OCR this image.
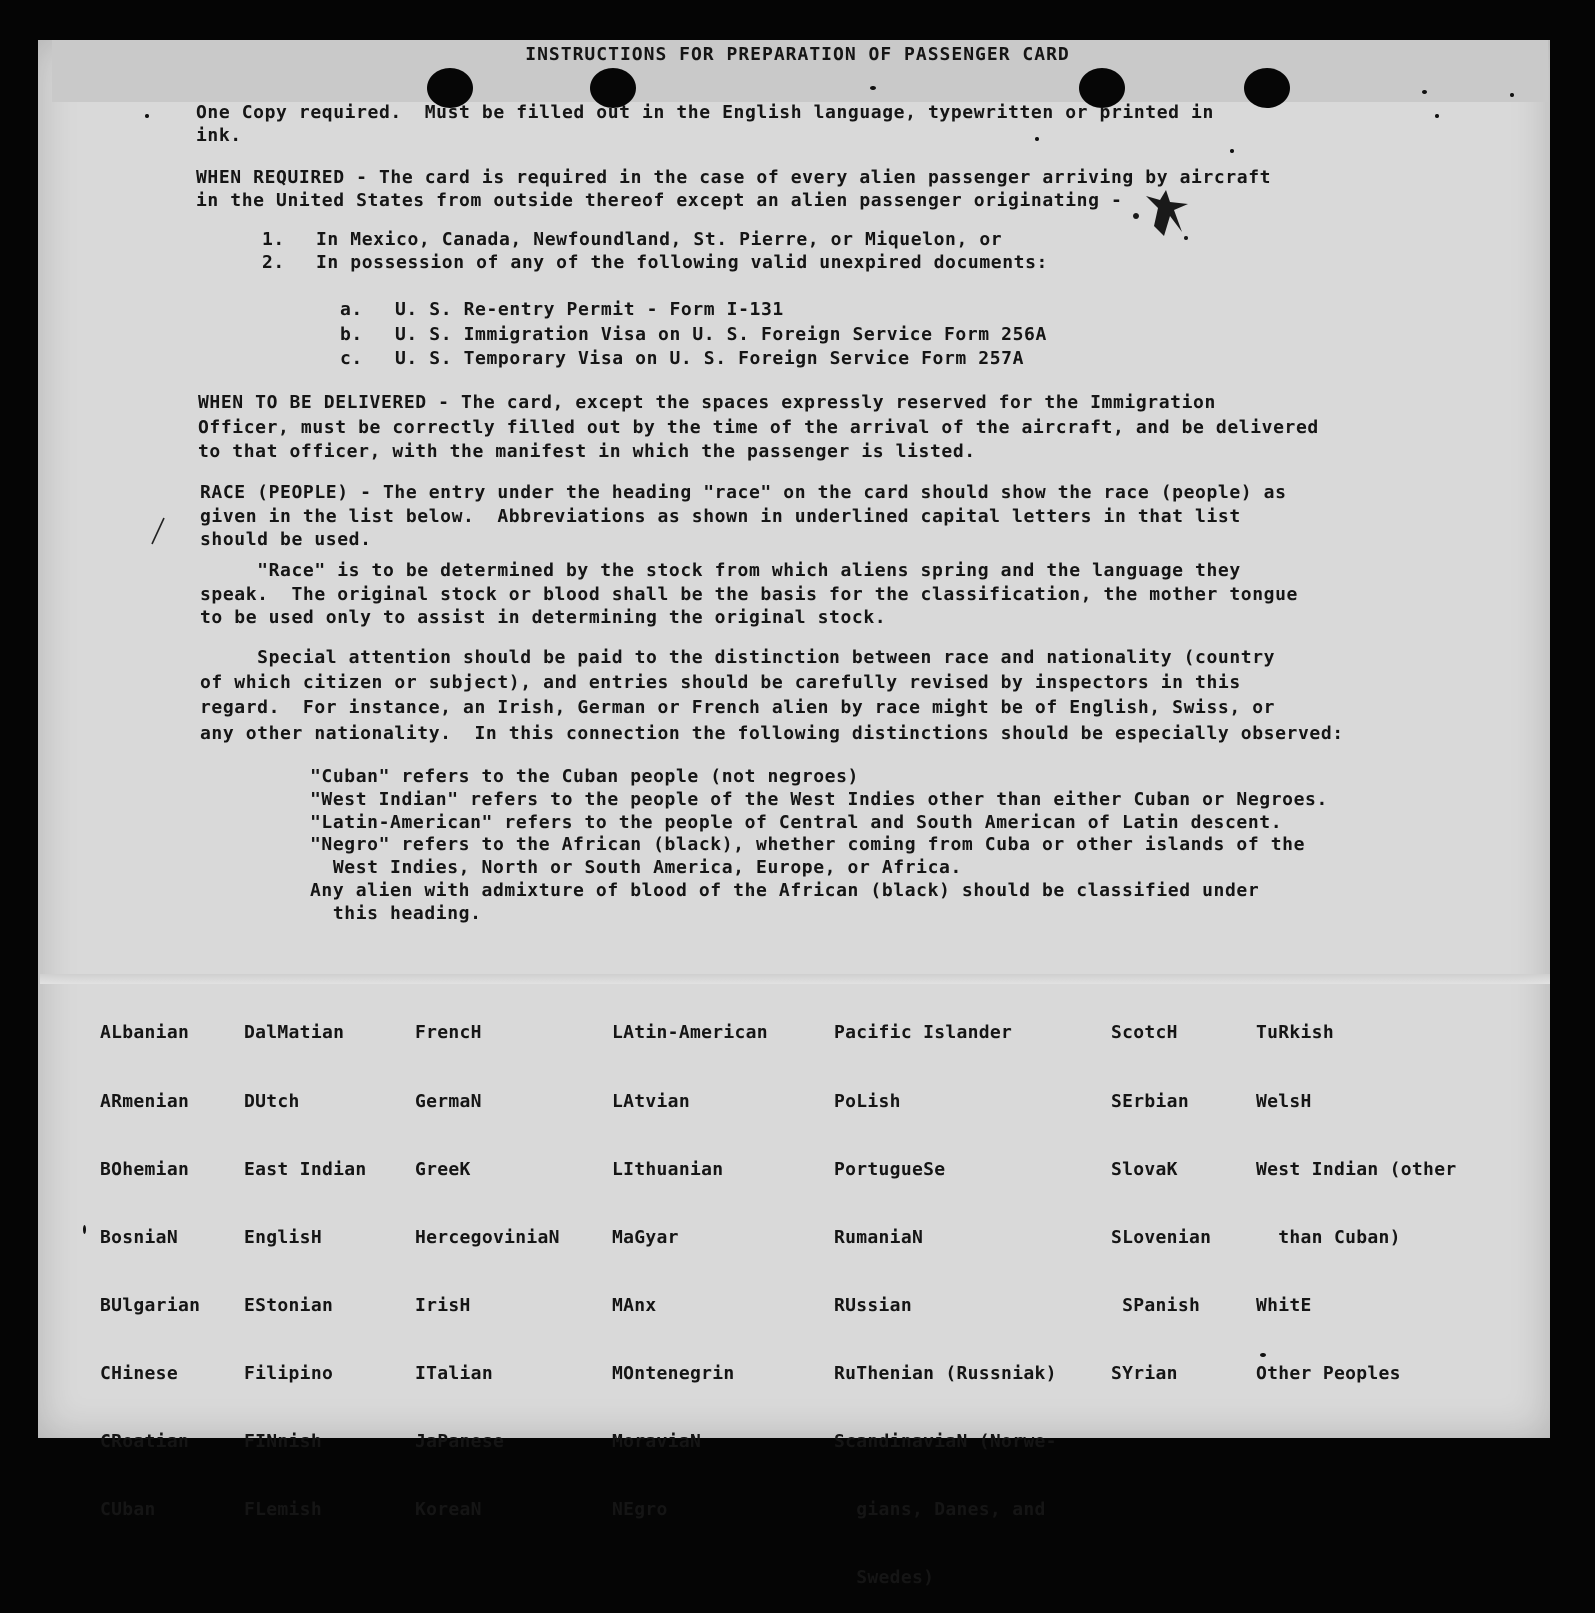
INSTRUCTIONS FOR PREPARATION OF PASSENGER CARD
One Copy required.  Must be filled out in the English language, typewritten or printed in
ink.
WHEN REQUIRED - The card is required in the case of every alien passenger arriving by aircraft
in the United States from outside thereof except an alien passenger originating -
1. In Mexico, Canada, Newfoundland, St. Pierre, or Miquelon, or
2. In possession of any of the following valid unexpired documents:
a. U. S. Re-entry Permit - Form I-131
b. U. S. Immigration Visa on U. S. Foreign Service Form 256A
c. U. S. Temporary Visa on U. S. Foreign Service Form 257A
WHEN TO BE DELIVERED - The card, except the spaces expressly reserved for the Immigration
Officer, must be correctly filled out by the time of the arrival of the aircraft, and be delivered
to that officer, with the manifest in which the passenger is listed.
RACE (PEOPLE) - The entry under the heading "race" on the card should show the race (people) as
given in the list below.  Abbreviations as shown in underlined capital letters in that list
should be used.
"Race" is to be determined by the stock from which aliens spring and the language they
speak.  The original stock or blood shall be the basis for the classification, the mother tongue
to be used only to assist in determining the original stock.
Special attention should be paid to the distinction between race and nationality (country
of which citizen or subject), and entries should be carefully revised by inspectors in this
regard.  For instance, an Irish, German or French alien by race might be of English, Swiss, or
any other nationality.  In this connection the following distinctions should be especially observed:
"Cuban" refers to the Cuban people (not negroes)
"West Indian" refers to the people of the West Indies other than either Cuban or Negroes.
"Latin-American" refers to the people of Central and South American of Latin descent.
"Negro" refers to the African (black), whether coming from Cuba or other islands of the
West Indies, North or South America, Europe, or Africa.
Any alien with admixture of blood of the African (black) should be classified under
this heading.

ALbanian

ARmenian

BOhemian

BosniaN

BUlgarian

CHinese

CRoatian

CUban

DalMatian

DUtch

East Indian

EnglisH

EStonian

Filipino

FINnish

FLemish

FrencH

GermaN

GreeK

HercegoviniaN

IrisH

ITalian

JaPanese

KoreaN

LAtin-American

LAtvian

LIthuanian

MaGyar

MAnx

MOntenegrin

MoraviaN

NEgro

Pacific Islander

PoLish

PortugueSe

RumaniaN

RUssian

RuThenian (Russniak)

ScandinaviaN (Norwe-

gians, Danes, and

Swedes)

ScotcH

SErbian

SlovaK

SLovenian

SPanish

SYrian

TuRkish

WelsH

West Indian (other

than Cuban)

WhitE

Other Peoples
